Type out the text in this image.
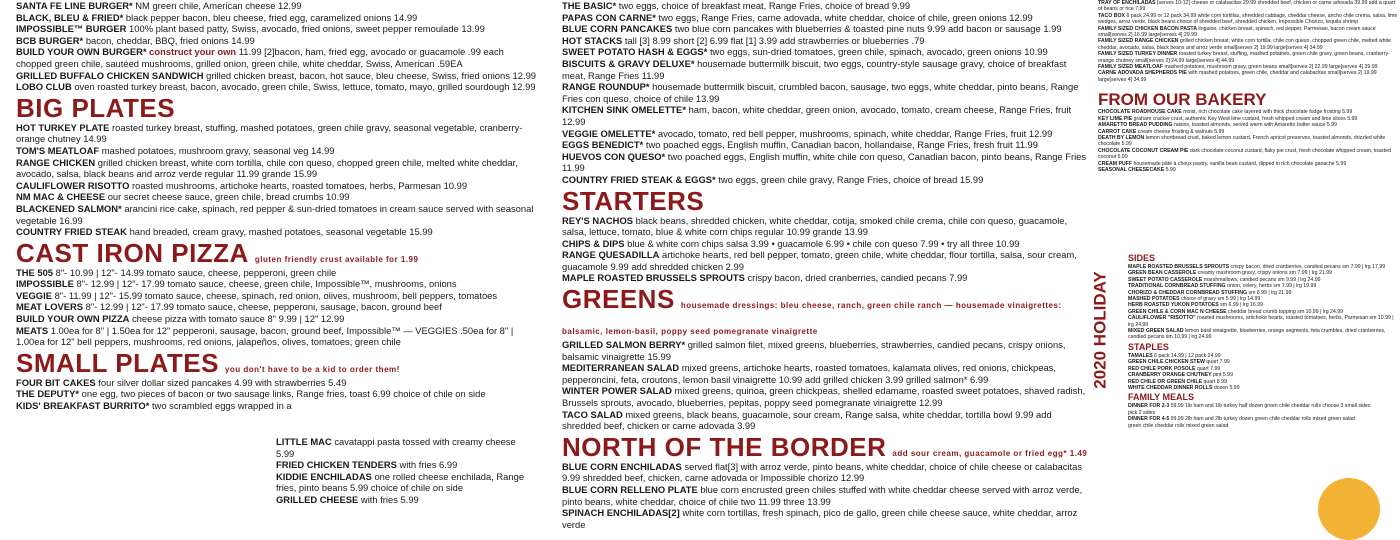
SANTA FE LINE BURGER* NM green chile, American cheese 12.99

BLACK, BLEU & FRIED* black pepper bacon, bleu cheese, fried egg, caramelized onions 14.99

IMPOSSIBLE™ BURGER 100% plant based patty, Swiss, avocado, fried onions, sweet pepper remoulade 13.99

BCB BURGER* bacon, cheddar, BBQ, fried onions 14.99

BUILD YOUR OWN BURGER* construct your own 11.99 [2]bacon, ham, fried egg, avocado or guacamole .99 each chopped green chile, sautéed mushrooms, grilled onion, green chile, white cheddar, Swiss, American .59EA

GRILLED BUFFALO CHICKEN SANDWICH grilled chicken breast, bacon, hot sauce, bleu cheese, Swiss, fried onions 12.99

LOBO CLUB oven roasted turkey breast, bacon, avocado, green chile, Swiss, lettuce, tomato, mayo, grilled sourdough 12.99

BIG PLATES

HOT TURKEY PLATE roasted turkey breast, stuffing, mashed potatoes, green chile gravy, seasonal vegetable, cranberry-orange chutney 14.99

TOM'S MEATLOAF mashed potatoes, mushroom gravy, seasonal veg 14.99

RANGE CHICKEN grilled chicken breast, white corn tortilla, chile con queso, chopped green chile, melted white cheddar, avocado, salsa, black beans and arroz verde regular 11.99 grande 15.99

CAULIFLOWER RISOTTO roasted mushrooms, artichoke hearts, roasted tomatoes, herbs, Parmesan 10.99

NM MAC & CHEESE our secret cheese sauce, green chile, bread crumbs 10.99

BLACKENED SALMON* arancini rice cake, spinach, red pepper & sun-dried tomatoes in cream sauce served with seasonal vegetable 16.99

COUNTRY FRIED STEAK hand breaded, cream gravy, mashed potatoes, seasonal vegetable 15.99

CAST IRON PIZZA gluten friendly crust available for 1.99

THE 505 8"- 10.99 | 12"- 14.99 tomato sauce, cheese, pepperoni, green chile

IMPOSSIBLE 8"- 12.99 | 12"- 17.99 tomato sauce, cheese, green chile, Impossible™, mushrooms, onions

VEGGIE 8"- 11.99 | 12"- 15.99 tomato sauce, cheese, spinach, red onion, olives, mushroom, bell peppers, tomatoes

MEAT LOVERS 8"- 12.99 | 12"- 17.99 tomato sauce, cheese, pepperoni, sausage, bacon, ground beef

BUILD YOUR OWN PIZZA cheese pizza with tomato sauce 8" 9.99 | 12" 12.99

MEATS 1.00ea for 8" | 1.50ea for 12" pepperoni, sausage, bacon, ground beef, Impossible™ — VEGGIES .50ea for 8" | 1.00ea for 12" bell peppers, mushrooms, red onions, jalapeños, olives, tomatoes, green chile

SMALL PLATES you don't have to be a kid to order them!

FOUR BIT CAKES four silver dollar sized pancakes 4.99 with strawberries 5.49

THE DEPUTY* one egg, two pieces of bacon or two sausage links, Range fries, toast 6.99 choice of chile on side

KIDS' BREAKFAST BURRITO* two scrambled eggs wrapped in a

LITTLE MAC cavatappi pasta tossed with creamy cheese 5.99

FRIED CHICKEN TENDERS with fries 6.99

KIDDIE ENCHILADAS one rolled cheese enchilada, Range fries, pinto beans 5.99 choice of chile on side

GRILLED CHEESE with fries 5.99

THE BASIC* two eggs, choice of breakfast meat, Range Fries, choice of bread 9.99

PAPAS CON CARNE* two eggs, Range Fries, carne adovada, white cheddar, choice of chile, green onions 12.99

BLUE CORN PANCAKES two blue corn pancakes with blueberries & toasted pine nuts 9.99 add bacon or sausage 1.99

HOT STACKS tall [3] 8.99 short [2] 6.99 flat [1] 3.99 add strawberries or blueberries .79

SWEET POTATO HASH & EGGS* two eggs, sun-dried tomatoes, green chile, spinach, avocado, green onions 10.99

BISCUITS & GRAVY DELUXE* housemade buttermilk biscuit, two eggs, country-style sausage gravy, choice of breakfast meat, Range Fries 11.99

RANGE ROUNDUP* housemade buttermilk biscuit, crumbled bacon, sausage, two eggs, white cheddar, pinto beans, Range Fries con queso, choice of chile 13.99

KITCHEN SINK OMELETTE* ham, bacon, white cheddar, green onion, avocado, tomato, cream cheese, Range Fries, fruit 12.99

VEGGIE OMELETTE* avocado, tomato, red bell pepper, mushrooms, spinach, white cheddar, Range Fries, fruit 12.99

EGGS BENEDICT* two poached eggs, English muffin, Canadian bacon, hollandaise, Range Fries, fresh fruit 11.99

HUEVOS CON QUESO* two poached eggs, English muffin, white chile con queso, Canadian bacon, pinto beans, Range Fries 11.99

COUNTRY FRIED STEAK & EGGS* two eggs, green chile gravy, Range Fries, choice of bread 15.99

STARTERS

REY'S NACHOS black beans, shredded chicken, white cheddar, cotija, smoked chile crema, chile con queso, guacamole, salsa, lettuce, tomato, blue & white corn chips regular 10.99 grande 13.99

CHIPS & DIPS blue & white corn chips salsa 3.99 • guacamole 6.99 • chile con queso 7.99 • try all three 10.99

RANGE QUESADILLA artichoke hearts, red bell pepper, tomato, green chile, white cheddar, flour tortilla, salsa, sour cream, guacamole 9.99 add shredded chicken 2.99

MAPLE ROASTED BRUSSELS SPROUTS crispy bacon, dried cranberries, candied pecans 7.99

GREENS housemade dressings: bleu cheese, ranch, green chile ranch — housemade vinaigrettes: balsamic, lemon-basil, poppy seed pomegranate vinaigrette

GRILLED SALMON BERRY* grilled salmon filet, mixed greens, blueberries, strawberries, candied pecans, crispy onions, balsamic vinaigrette 15.99

MEDITERRANEAN SALAD mixed greens, artichoke hearts, roasted tomatoes, kalamata olives, red onions, chickpeas, pepperoncini, feta, croutons, lemon basil vinaigrette 10.99 add grilled chicken 3.99 grilled salmon* 6.99

WINTER POWER SALAD mixed greens, quinoa, green chickpeas, shelled edamame, roasted sweet potatoes, shaved radish, Brussels sprouts, avocado, blueberries, pepitas, poppy seed pomegranate vinaigrette 12.99

TACO SALAD mixed greens, black beans, guacamole, sour cream, Range salsa, white cheddar, tortilla bowl 9.99 add shredded beef, chicken or carne adovada 3.99

NORTH OF THE BORDER add sour cream, guacamole or fried egg* 1.49

BLUE CORN ENCHILADAS served flat[3] with arroz verde, pinto beans, white cheddar, choice of chile cheese or calabacitas 9.99 shredded beef, chicken, carne adovada or Impossible chorizo 12.99

BLUE CORN RELLENO PLATE blue corn encrusted green chiles stuffed with white cheddar cheese served with arroz verde, pinto beans, white cheddar, choice of chile two 11.99 three 13.99

SPINACH ENCHILADAS[2] white corn tortillas, fresh spinach, pico de gallo, green chile cheese sauce, white cheddar, arroz verde

TRAY OF ENCHILADAS [serves 10-12] cheese or calabacitas 29.99 shredded beef, chicken or carne adovada 39.99 add a quart of beans or rice 7.99

TACO BOX 6 pack 24.99 or 12 pack 34.99 white corn tortillas, shredded cabbage, cheddar cheese, ancho chile crema, salsa, lime wedges, arroz verde, black beans choice of shredded beef, shredded chicken, Impossible Chorizo, tequila shrimp

FAMILY SIZED CHICKEN BACON PASTA linguine, chicken breast, spinach, red pepper, Parmesan, bacon cream sauce small[serves 2] 16.99 large[serves 4] 29.99

FAMILY SIZED RANGE CHICKEN grilled chicken breast, white corn tortilla, chile con queso, chopped green chile, melted white cheddar, avocado, salsa, black beans and arroz verde small[serves 2] 19.99 large[serves 4] 34.99

FAMILY SIZED TURKEY DINNER roasted turkey breast, stuffing, mashed potatoes, green chile gravy, green beans, cranberry-orange chutney small[serves 2] 24.99 large[serves 4] 44.99

FAMILY SIZED MEATLOAF mashed potatoes, mushroom gravy, green beans small[serves 2] 22.99 large[serves 4] 39.99

CARNE ADOVADA SHEPHERDS PIE with mashed potatoes, green chile, cheddar and calabacitas small[serves 2] 19.99 large[serves 4] 34.99

FROM OUR BAKERY

CHOCOLATE ROADHOUSE CAKE moist, rich chocolate cake layered with thick chocolate fudge frosting 5.99

KEY LIME PIE graham cracker crust, authentic Key West lime custard, fresh whipped cream and lime slices 5.99

AMARETTO BREAD PUDDING raisins, toasted almonds, served warm with Amaretto butter sauce 5.99

CARROT CAKE cream cheese frosting & walnuts 5.99

DEATH BY LEMON lemon shortbread crust, baked lemon custard, French apricot preserves, toasted almonds, drizzled white chocolate 5.99

CHOCOLATE COCONUT CREAM PIE dark chocolate coconut custard, flaky pie crust, fresh chocolate whipped cream, toasted coconut 5.99

CREAM PUFF housemade pâté à choux pastry, vanilla bean custard, dipped in rich chocolate ganache 5.99

SEASONAL CHEESECAKE 5.99

2020 HOLIDAY
SIDES

MAPLE ROASTED BRUSSELS SPROUTS crispy bacon, dried cranberries, candied pecans sm 7.99 | lrg 17.99

GREEN BEAN CASSEROLE creamy mushroom gravy, crispy onions sm 7.99 | lrg 21.99

SWEET POTATO CASSEROLE marshmallows, candied pecans sm 9.99 | lrg 24.99

TRADITIONAL CORNBREAD STUFFING onion, celery, herbs sm 7.99 | lrg 19.99

CHORIZO & CHEDDAR CORNBREAD STUFFING sm 8.99 | lrg 21.99

MASHED POTATOES choice of gravy sm 5.99 | lrg 14.99

HERB ROASTED YUKON POTATOES sm 6.99 | lrg 16.99

GREEN CHILE & CORN MAC N CHEESE cheddar bread crumb topping sm 10.99 | lrg 24.99

CAULIFLOWER "RISOTTO" roasted mushrooms, artichoke hearts, roasted tomatoes, herbs, Parmesan sm 10.99 | lrg 24.99

MIXED GREEN SALAD lemon basil vinaigrette, blueberries, orange segments, feta crumbles, dried cranberries, candied pecans sm 10.99 | lrg 24.99

STAPLES

TAMALES 6 pack 14.99 | 12 pack 24.99

GREEN CHILE CHICKEN STEW quart 7.99

RED CHILE PORK POSOLE quart 7.99

CRANBERRY ORANGE CHUTNEY pint 5.99

RED CHILE OR GREEN CHILE quart 8.99

WHITE CHEDDAR DINNER ROLLS dozen 5.99

FAMILY MEALS

DINNER FOR 2-3 59.99 1lb ham and 1lb turkey half dozen green chile cheddar rolls choose 3 small sides

pick 2 sides

DINNER FOR 4-5 99.99 2lb ham and 2lb turkey dozen green chile cheddar rolls mixed green salad

green chile cheddar rolls mixed green salad
